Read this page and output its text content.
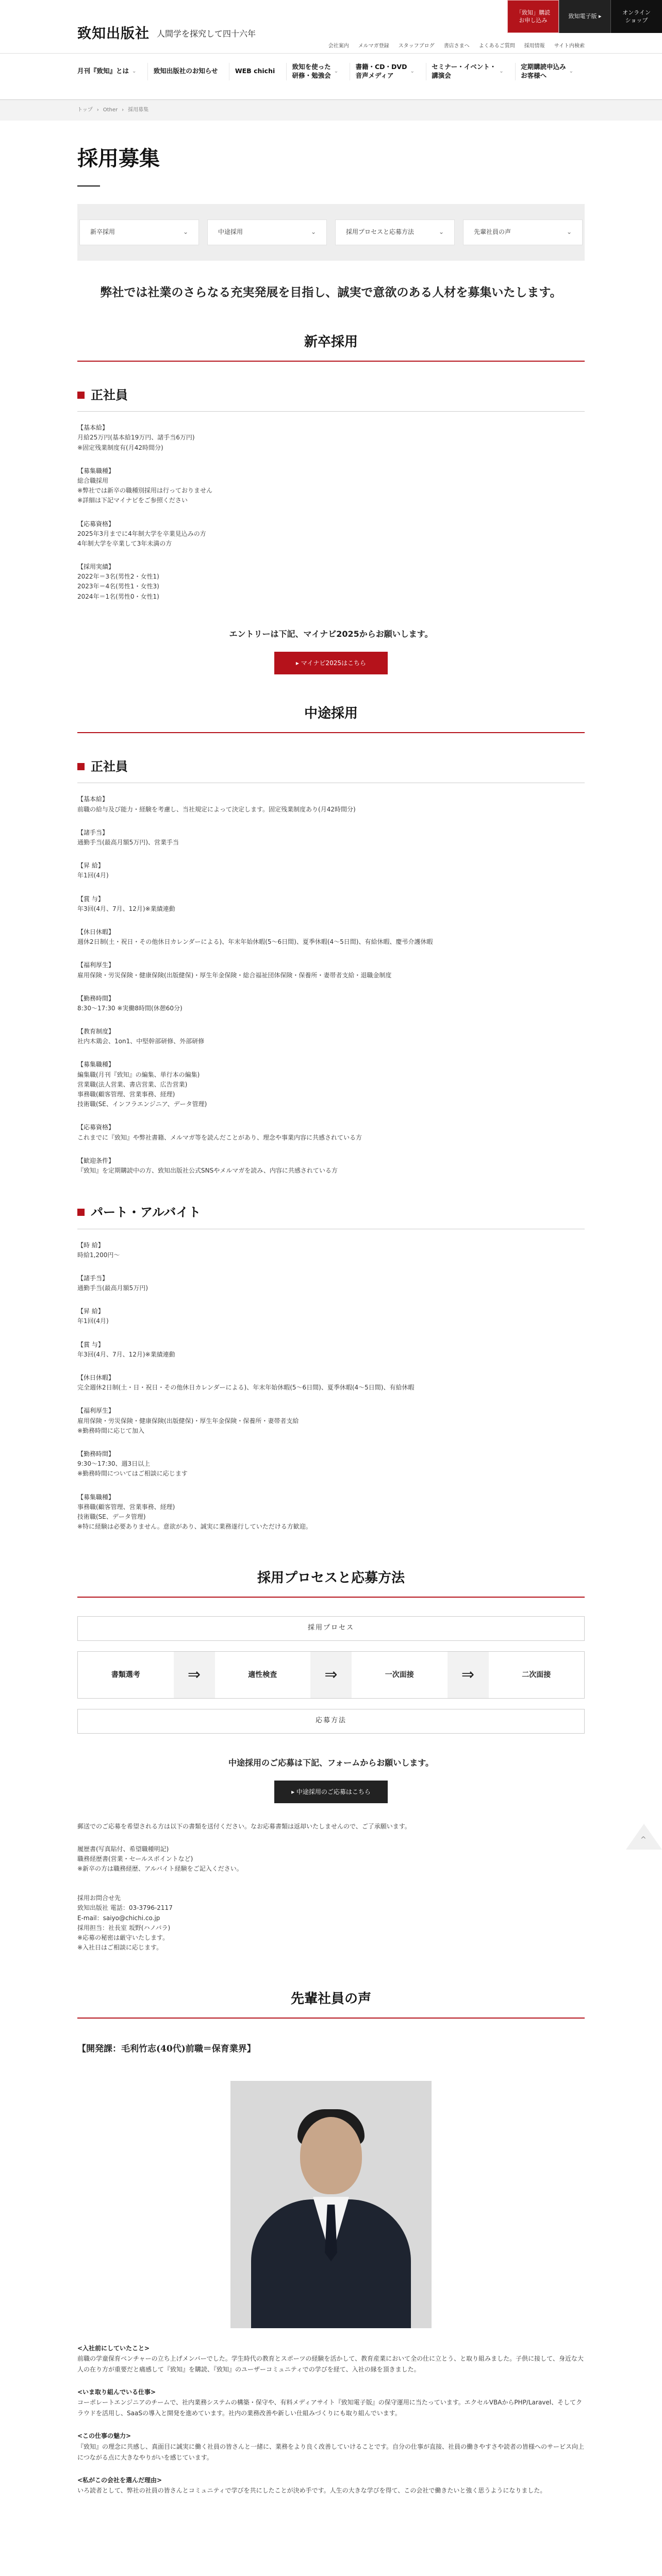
致知出版社 人間学を探究して四十六年
「致知」購読
お申し込み
致知電子版 ▸
オンライン
ショップ
会社案内 メルマガ登録 スタッフブログ 書店さまへ よくあるご質問 採用情報 サイト内検索
月刊『致知』とは ⌄	致知出版社のお知らせ	WEB chichi
致知を使った
研修・勉強会
⌄
書籍・CD・DVD
音声メディア
⌄
セミナー・イベント・
講演会
⌄
定期購読申込み
お客様へ
⌄
トップ › Other › 採用募集
採用募集
新卒採用	⌄	中途採用	⌄	採用プロセスと応募方法	⌄	先輩社員の声	⌄

弊社では社業のさらなる充実発展を目指し、誠実で意欲のある人材を募集いたします。

新卒採用
正社員
【基本給】
月給25万円(基本給19万円、諸手当6万円)
※固定残業制度有(月42時間分)
【募集職種】
総合職採用
※弊社では新卒の職種別採用は行っておりません
※詳細は下記マイナビをご参照ください
【応募資格】
2025年3月までに4年制大学を卒業見込みの方
4年制大学を卒業して3年未満の方
【採用実績】
2022年＝3名(男性2・女性1)
2023年＝4名(男性1・女性3)
2024年＝1名(男性0・女性1)

エントリーは下記、マイナビ2025からお願いします。

▸ マイナビ2025はこちら
中途採用
正社員
【基本給】
前職の給与及び能力・経験を考慮し、当社規定によって決定します。固定残業制度あり(月42時間分)
【諸手当】
通勤手当(最高月額5万円)、営業手当
【昇 給】
年1回(4月)
【賞 与】
年3回(4月、7月、12月)※業績連動
【休日休暇】
週休2日制(土・祝日・その他休日カレンダーによる)、年末年始休暇(5〜6日間)、夏季休暇(4〜5日間)、有給休暇、慶弔介護休暇
【福利厚生】
雇用保険・労災保険・健康保険(出版健保)・厚生年金保険・総合福祉団体保険・保養所・妻帯者支給・退職金制度
【勤務時間】
8:30〜17:30 ※実働8時間(休憩60分)
【教育制度】
社内木鶏会、1on1、中堅幹部研修、外部研修
【募集職種】
編集職(月刊『致知』の編集、単行本の編集)
営業職(法人営業、書店営業、広告営業)
事務職(顧客管理、営業事務、経理)
技術職(SE、インフラエンジニア、データ管理)
【応募資格】
これまでに『致知』や弊社書籍、メルマガ等を読んだことがあり、理念や事業内容に共感されている方
【歓迎条件】
『致知』を定期購読中の方、致知出版社公式SNSやメルマガを読み、内容に共感されている方
パート・アルバイト
【時 給】
時給1,200円〜
【諸手当】
通勤手当(最高月額5万円)
【昇 給】
年1回(4月)
【賞 与】
年3回(4月、7月、12月)※業績連動
【休日休暇】
完全週休2日制(土・日・祝日・その他休日カレンダーによる)、年末年始休暇(5〜6日間)、夏季休暇(4〜5日間)、有給休暇
【福利厚生】
雇用保険・労災保険・健康保険(出版健保)・厚生年金保険・保養所・妻帯者支給
※勤務時間に応じて加入
【勤務時間】
9:30〜17:30、週3日以上
※勤務時間についてはご相談に応じます
【募集職種】
事務職(顧客管理、営業事務、経理)
技術職(SE、データ管理)
※特に経験は必要ありません。意欲があり、誠実に業務遂行していただける方歓迎。
採用プロセスと応募方法
採用プロセス
書類選考	⇒	適性検査	⇒	一次面接	⇒	二次面接
応募方法

中途採用のご応募は下記、フォームからお願いします。

▸ 中途採用のご応募はこちら

郵送でのご応募を希望される方は以下の書類を送付ください。なお応募書類は返却いたしませんので、ご了承願います。

履歴書(写真貼付、希望職種明記)
職務経歴書(営業・セールスポイントなど)
※新卒の方は職務経歴、アルバイト経験をご記入ください。

採用お問合せ先
致知出版社 電話：03-3796-2117
E-mail：saiyo@chichi.co.jp
採用担当：社長室 坂野(ハノバラ)
※応募の秘密は厳守いたします。
※入社日はご相談に応じます。

先輩社員の声

【開発課：毛利竹志(40代)前職＝保育業界】

<入社前にしていたこと>

前職の学童保育ベンチャーの立ち上げメンバーでした。学生時代の教育とスポーツの経験を活かして、教育産業において全の仕に立とう、と取り組みました。子供に接して、身近な大人の在り方が重要だと痛感して『致知』を購読、『致知』のユーザーコミュニティでの学びを経て、入社の縁を頂きました。

<いま取り組んでいる仕事>

コーポレートエンジニアのチームで、社内業務システムの構築・保守や、有料メディアサイト『致知電子版』の保守運用に当たっています。エクセルVBAからPHP/Laravel、そしてクラウドを活用し、SaaSの導入と開発を進めています。社内の業務改善や新しい仕組みづくりにも取り組んでいます。

<この仕事の魅力>

『致知』の理念に共感し、真面目に誠実に働く社員の皆さんと一緒に、業務をより良く改善していけることです。自分の仕事が直接、社員の働きやすさや読者の皆様へのサービス向上につながる点に大きなやりがいを感じています。

<私がこの会社を選んだ理由>

いろ読者として、弊社の社員の皆さんとコミュニティで学びを共にしたことが決め手です。人生の大きな学びを得て、この会社で働きたいと強く思うようになりました。

^
